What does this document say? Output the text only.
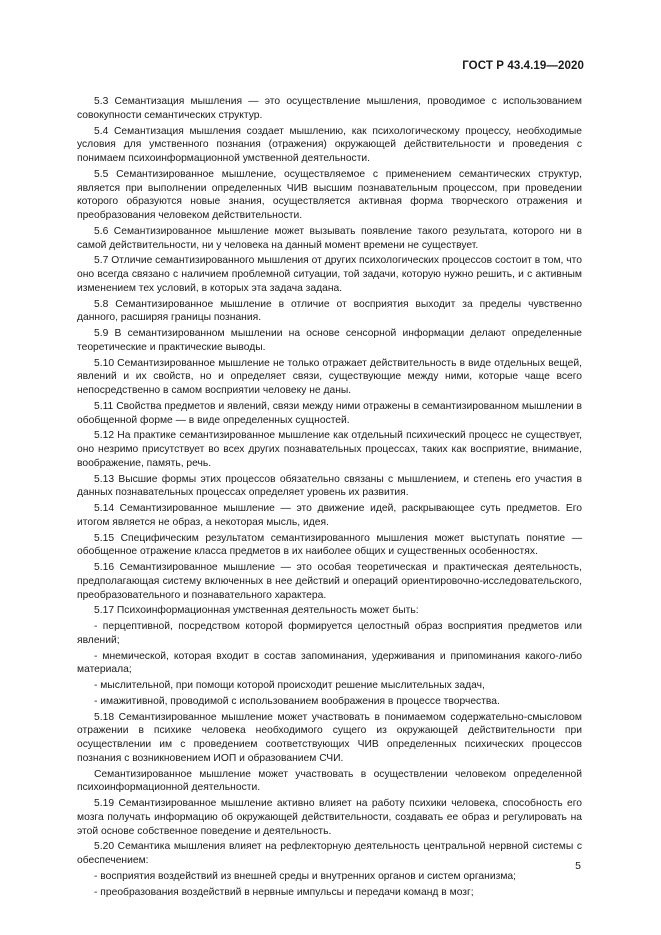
ГОСТ Р 43.4.19—2020

5.3 Семантизация мышления — это осуществление мышления, проводимое с использованием совокупности семантических структур.

5.4 Семантизация мышления создает мышлению, как психологическому процессу, необходимые условия для умственного познания (отражения) окружающей действительности и проведения с понимаем психоинформационной умственной деятельности.

5.5 Семантизированное мышление, осуществляемое с применением семантических структур, является при выполнении определенных ЧИВ высшим познавательным процессом, при проведении которого образуются новые знания, осуществляется активная форма творческого отражения и преобразования человеком действительности.

5.6 Семантизированное мышление может вызывать появление такого результата, которого ни в самой действительности, ни у человека на данный момент времени не существует.

5.7 Отличие семантизированного мышления от других психологических процессов состоит в том, что оно всегда связано с наличием проблемной ситуации, той задачи, которую нужно решить, и с активным изменением тех условий, в которых эта задача задана.

5.8 Семантизированное мышление в отличие от восприятия выходит за пределы чувственно данного, расширяя границы познания.

5.9 В семантизированном мышлении на основе сенсорной информации делают определенные теоретические и практические выводы.

5.10 Семантизированное мышление не только отражает действительность в виде отдельных вещей, явлений и их свойств, но и определяет связи, существующие между ними, которые чаще всего непосредственно в самом восприятии человеку не даны.

5.11 Свойства предметов и явлений, связи между ними отражены в семантизированном мышлении в обобщенной форме — в виде определенных сущностей.

5.12 На практике семантизированное мышление как отдельный психический процесс не существует, оно незримо присутствует во всех других познавательных процессах, таких как восприятие, внимание, воображение, память, речь.

5.13 Высшие формы этих процессов обязательно связаны с мышлением, и степень его участия в данных познавательных процессах определяет уровень их развития.

5.14 Семантизированное мышление — это движение идей, раскрывающее суть предметов. Его итогом является не образ, а некоторая мысль, идея.

5.15 Специфическим результатом семантизированного мышления может выступать понятие — обобщенное отражение класса предметов в их наиболее общих и существенных особенностях.

5.16 Семантизированное мышление — это особая теоретическая и практическая деятельность, предполагающая систему включенных в нее действий и операций ориентировочно-исследовательского, преобразовательного и познавательного характера.

5.17 Психоинформационная умственная деятельность может быть:

- перцептивной, посредством которой формируется целостный образ восприятия предметов или явлений;

- мнемической, которая входит в состав запоминания, удерживания и припоминания какого-либо материала;

- мыслительной, при помощи которой происходит решение мыслительных задач,

- имажитивной, проводимой с использованием воображения в процессе творчества.

5.18 Семантизированное мышление может участвовать в понимаемом содержательно-смысловом отражении в психике человека необходимого сущего из окружающей действительности при осуществлении им с проведением соответствующих ЧИВ определенных психических процессов познания с возникновением ИОП и образованием СЧИ.

Семантизированное мышление может участвовать в осуществлении человеком определенной психоинформационной деятельности.

5.19 Семантизированное мышление активно влияет на работу психики человека, способность его мозга получать информацию об окружающей действительности, создавать ее образ и регулировать на этой основе собственное поведение и деятельность.

5.20 Семантика мышления влияет на рефлекторную деятельность центральной нервной системы с обеспечением:

- восприятия воздействий из внешней среды и внутренних органов и систем организма;

- преобразования воздействий в нервные импульсы и передачи команд в мозг;

5
